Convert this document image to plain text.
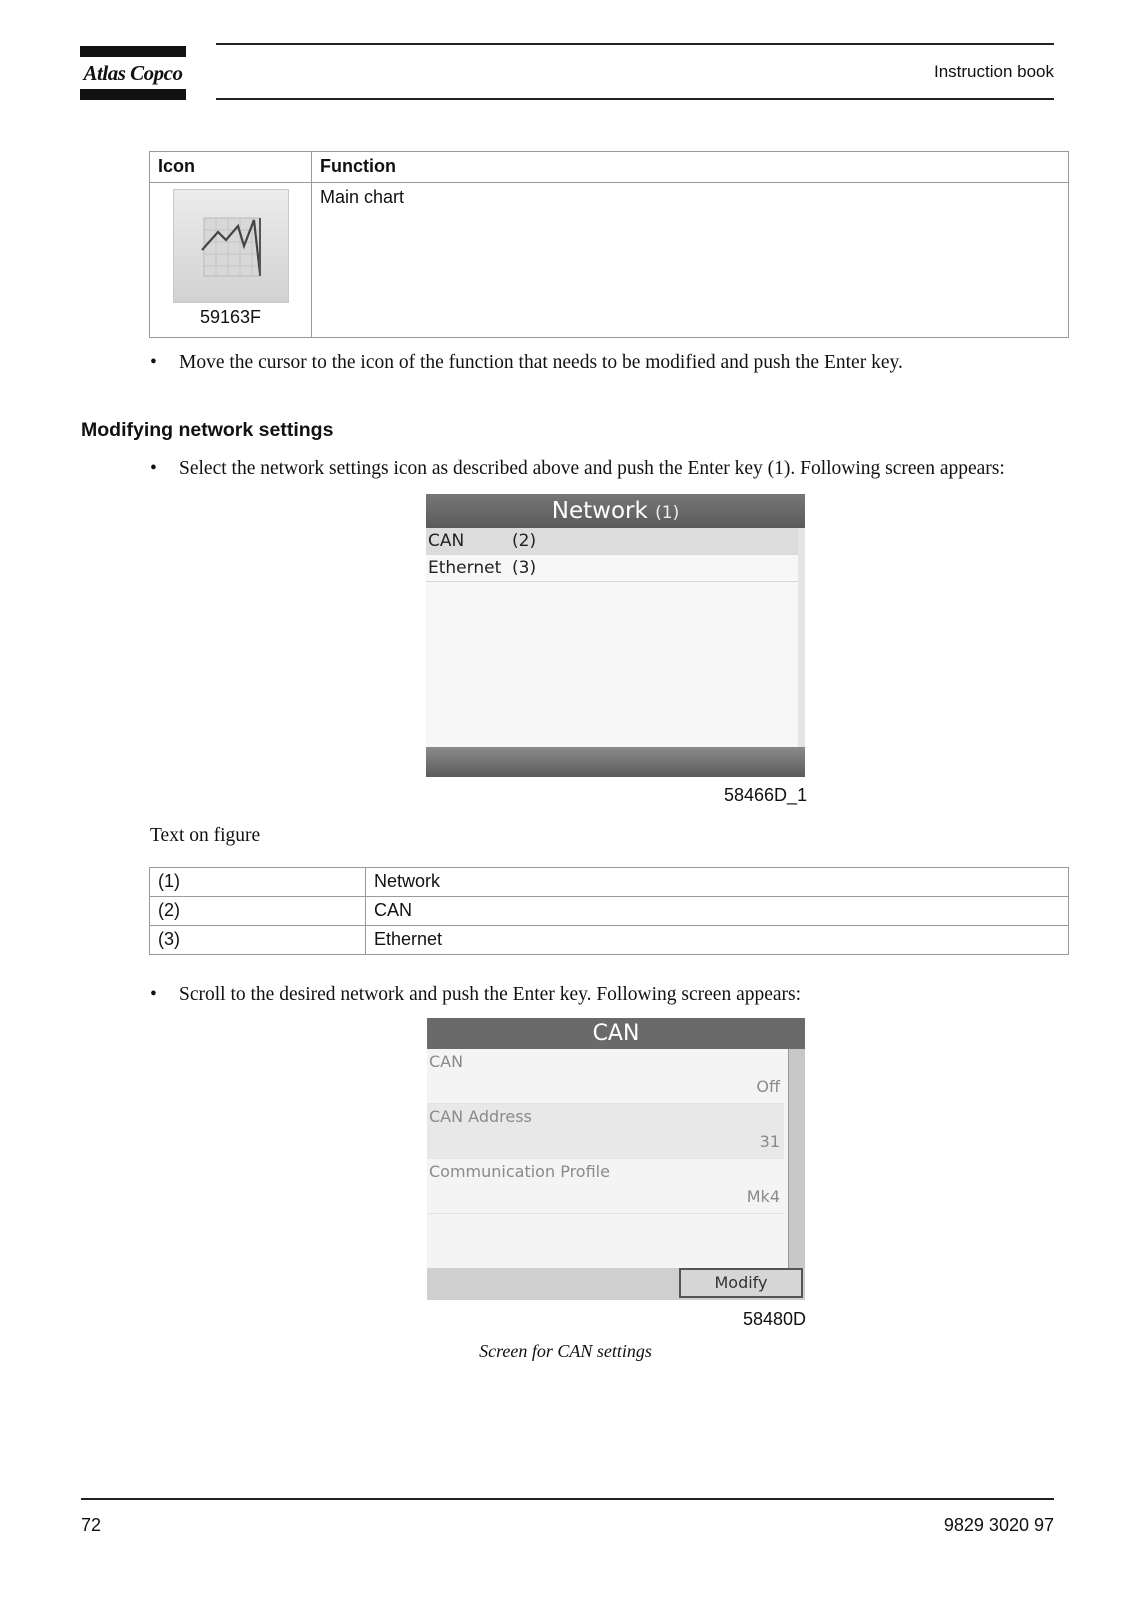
Atlas Copco	Instruction book
Icon	Function

59163F	Main chart
• Move the cursor to the icon of the function that needs to be modified and push the Enter key.
Modifying network settings
• Select the network settings icon as described above and push the Enter key (1). Following screen appears:
Network (1)
CAN	(2)
Ethernet (3)
58466D_1
Text on figure
(1)	Network
(2)	CAN
(3)	Ethernet
• Scroll to the desired network and push the Enter key. Following screen appears:
CAN
CAN
Off
CAN Address
31
Communication Profile
Mk4
Modify
58480D
Screen for CAN settings
72	9829 3020 97
